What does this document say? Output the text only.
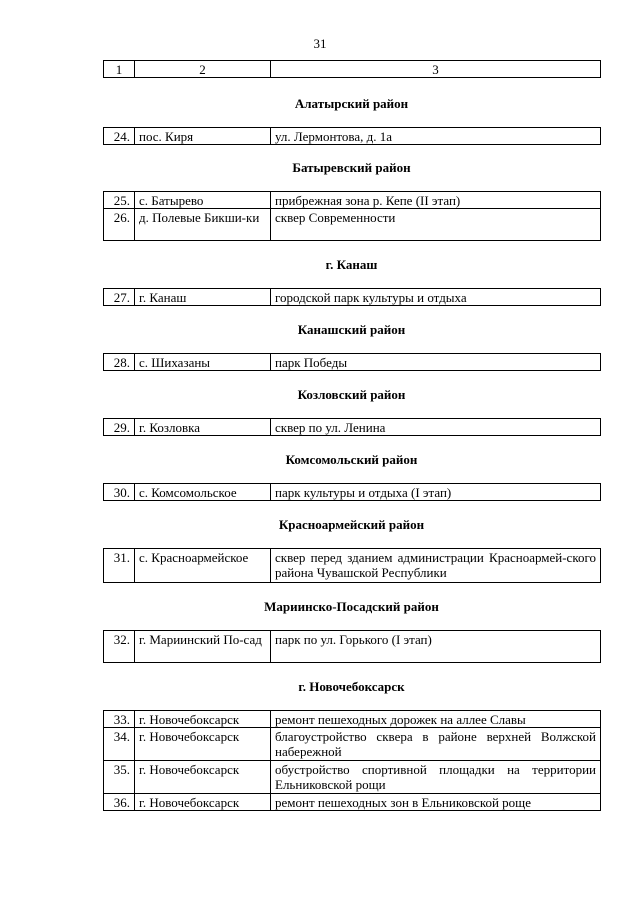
31
1	2	3
Алатырский район
24.	пос. Киря	ул. Лермонтова, д. 1а
Батыревский район
25.	с. Батырево	прибрежная зона р. Кепе (II этап)
26.	д. Полевые Бикши-ки	сквер Современности
г. Канаш
27.	г. Канаш	городской парк культуры и отдыха
Канашский район
28.	с. Шихазаны	парк Победы
Козловский район
29.	г. Козловка	сквер по ул. Ленина
Комсомольский район
30.	с. Комсомольское	парк культуры и отдыха (I этап)
Красноармейский район
31.	с. Красноармейское	сквер перед зданием администрации Красноармей-ского района Чувашской Республики
Мариинско-Посадский район
32.	г. Мариинский По-сад	парк по ул. Горького (I этап)
г. Новочебоксарск
33.	г. Новочебоксарск	ремонт пешеходных дорожек на аллее Славы
34.	г. Новочебоксарск	благоустройство сквера в районе верхней Волжской набережной
35.	г. Новочебоксарск	обустройство спортивной площадки на территории Ельниковской рощи
36.	г. Новочебоксарск	ремонт пешеходных зон в Ельниковской роще
